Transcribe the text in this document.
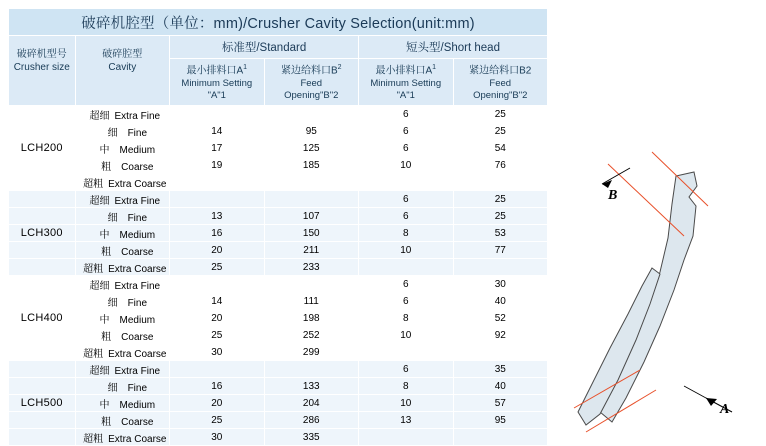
破碎机腔型（单位：mm)/Crusher Cavity Selection(unit:mm)					

破碎机型号
Crusher size	破碎腔型
Cavity	标准型/Standard		短头型/Short head	

		最小排料口$A^1$
Minimum Setting
"A"1	紧边给料口$B^2$
Feed
Opening"B"2	最小排料口$A^1$
Minimum Setting
"A"1	紧边给料口B2
Feed
Opening"B"2
	超细 Extra Fine			6	25
	细 Fine	14	95	6	25
LCH200	中 Medium	17	125	6	54
	粗 Coarse	19	185	10	76
	超粗 Extra Coarse				
	超细 Extra Fine			6	25
	细 Fine	13	107	6	25
LCH300	中 Medium	16	150	8	53
	粗 Coarse	20	211	10	77
	超粗 Extra Coarse	25	233		
	超细 Extra Fine			6	30
	细 Fine	14	111	6	40
LCH400	中 Medium	20	198	8	52
	粗 Coarse	25	252	10	92
	超粗 Extra Coarse	30	299		
	超细 Extra Fine			6	35
	细 Fine	16	133	8	40
LCH500	中 Medium	20	204	10	57
	粗 Coarse	25	286	13	95
	超粗 Extra Coarse	30	335		
B
A
